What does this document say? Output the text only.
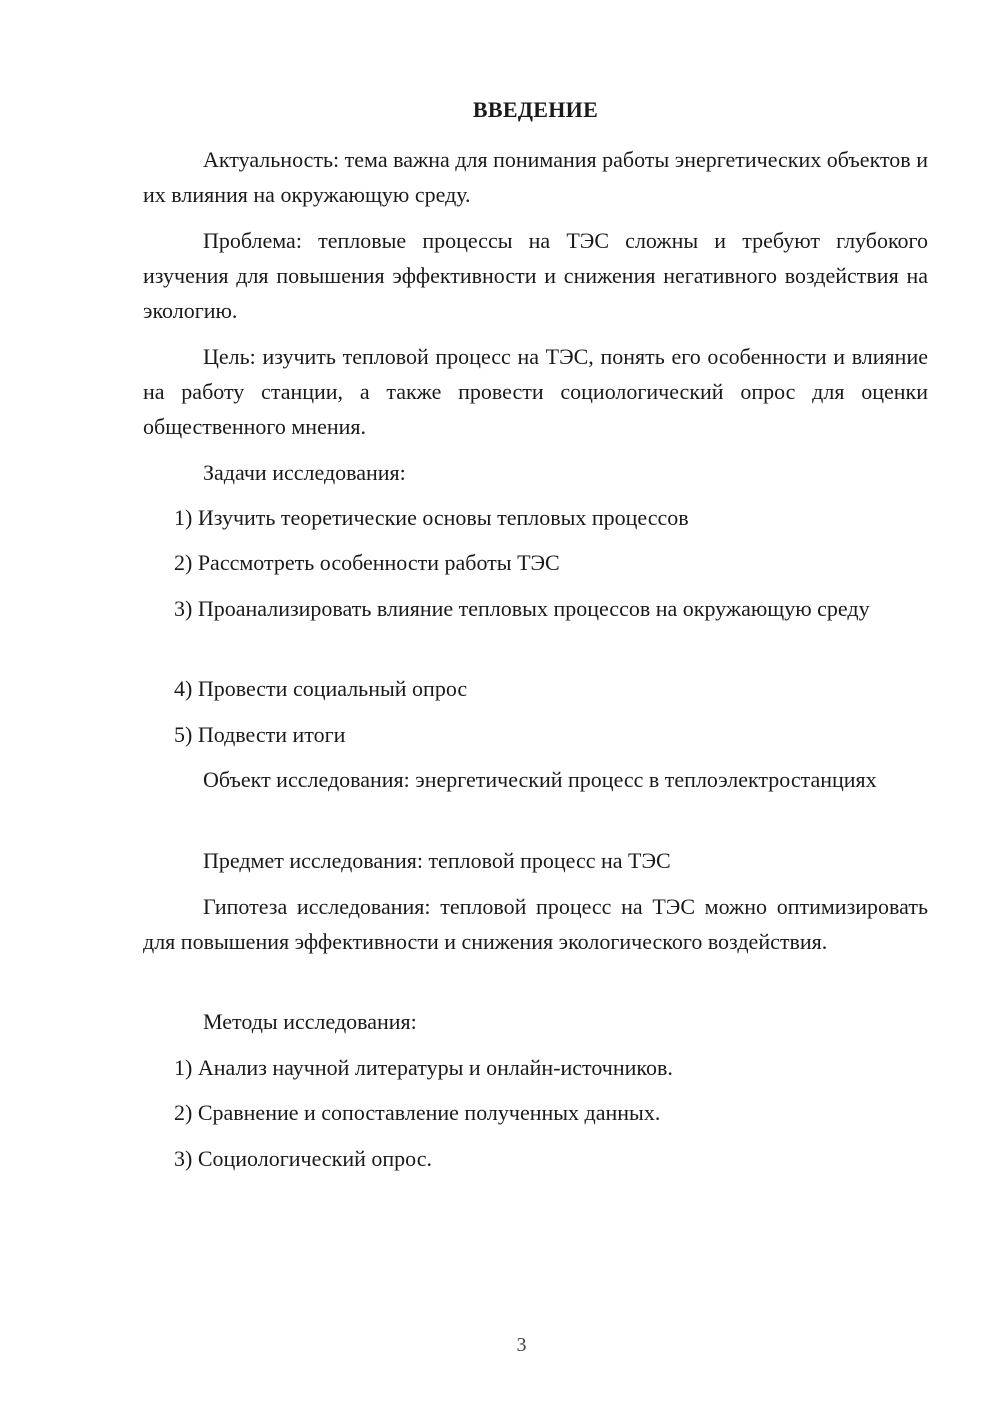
ВВЕДЕНИЕ

Актуальность: тема важна для понимания работы энергетических объектов и их влияния на окружающую среду.

Проблема: тепловые процессы на ТЭС сложны и требуют глубокого изучения для повышения эффективности и снижения негативного воздействия на экологию.

Цель: изучить тепловой процесс на ТЭС, понять его особенности и влияние на работу станции, а также провести социологический опрос для оценки общественного мнения.

Задачи исследования:

1) Изучить теоретические основы тепловых процессов

2) Рассмотреть особенности работы ТЭС

3) Проанализировать влияние тепловых процессов на окружающую среду

4) Провести социальный опрос

5) Подвести итоги

Объект исследования: энергетический процесс в теплоэлектростанциях

Предмет исследования: тепловой процесс на ТЭС

Гипотеза исследования: тепловой процесс на ТЭС можно оптимизировать для повышения эффективности и снижения экологического воздействия.

Методы исследования:

1) Анализ научной литературы и онлайн-источников.

2) Сравнение и сопоставление полученных данных.

3) Социологический опрос.

3
